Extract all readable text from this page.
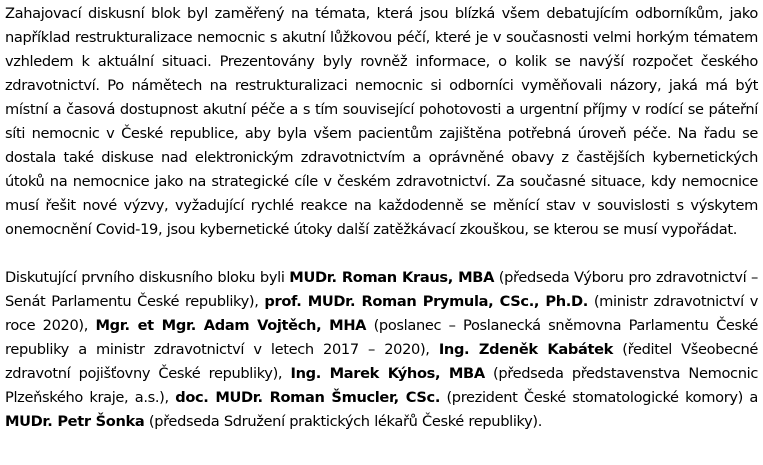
Zahajovací diskusní blok byl zaměřený na témata, která jsou blízká všem debatujícím odborníkům, jako například restrukturalizace nemocnic s akutní lůžkovou péčí, které je v současnosti velmi horkým tématem vzhledem k aktuální situaci. Prezentovány byly rovněž informace, o kolik se navýší rozpočet českého zdravotnictví. Po námětech na restrukturalizaci nemocnic si odborníci vyměňovali názory, jaká má být místní a časová dostupnost akutní péče a s tím související pohotovosti a urgentní příjmy v rodící se páteřní síti nemocnic v České republice, aby byla všem pacientům zajištěna potřebná úroveň péče. Na řadu se dostala také diskuse nad elektronickým zdravotnictvím a oprávněné obavy z častějších kybernetických útoků na nemocnice jako na strategické cíle v českém zdravotnictví. Za současné situace, kdy nemocnice musí řešit nové výzvy, vyžadující rychlé reakce na každodenně se měnící stav v souvislosti s výskytem onemocnění Covid-19, jsou kybernetické útoky další zatěžkávací zkouškou, se kterou se musí vypořádat.

Diskutující prvního diskusního bloku byli MUDr. Roman Kraus, MBA (předseda Výboru pro zdravotnictví – Senát Parlamentu České republiky), prof. MUDr. Roman Prymula, CSc., Ph.D. (ministr zdravotnictví v roce 2020), Mgr. et Mgr. Adam Vojtěch, MHA (poslanec – Poslanecká sněmovna Parlamentu České republiky a ministr zdravotnictví v letech 2017 – 2020), Ing. Zdeněk Kabátek (ředitel Všeobecné zdravotní pojišťovny České republiky), Ing. Marek Kýhos, MBA (předseda představenstva Nemocnic Plzeňského kraje, a.s.), doc. MUDr. Roman Šmucler, CSc. (prezident České stomatologické komory) a MUDr. Petr Šonka (předseda Sdružení praktických lékařů České republiky).
